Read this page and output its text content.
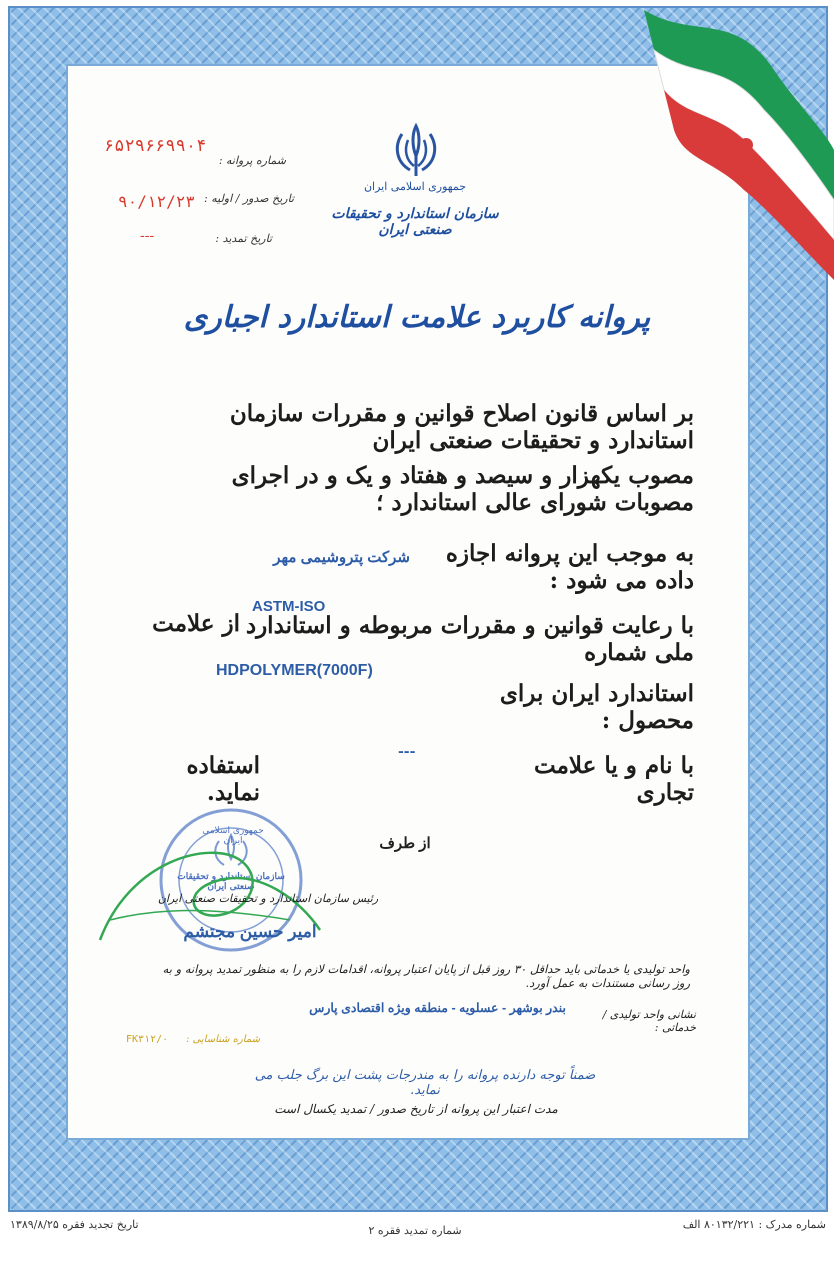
جمهوری اسلامی ایران
سازمان استاندارد و تحقیقات صنعتی ایران
۶۵۲۹۶۶۹۹۰۴
شماره پروانه :
۹۰/۱۲/۲۳ تاریخ صدور / اولیه :
---	تاریخ تمدید :
پروانه کاربرد علامت استاندارد اجباری
بر اساس قانون اصلاح قوانین و مقررات سازمان استاندارد و تحقیقات صنعتی ایران
مصوب یکهزار و سیصد و هفتاد و یک و در اجرای مصوبات شورای عالی استاندارد ؛
به موجب این پروانه اجازه داده می شود :
شرکت پتروشیمی مهر
ASTM-ISO
با رعایت قوانین و مقررات مربوطه و استاندارد ملی شماره
از علامت
HDPOLYMER(7000F)
استاندارد ایران برای محصول :
با نام و یا علامت تجاری
---
استفاده نماید.
جمهوری اسلامی ایران
سازمان استاندارد و تحقیقات صنعتی ایران
از طرف
رئیس سازمان استاندارد و تحقیقات صنعتی ایران
امیر حسین مجتشم
واحد تولیدی یا خدماتی باید حداقل ۳۰ روز قبل از پایان اعتبار پروانه، اقدامات لازم را به منظور تمدید پروانه و به روز رسانی مستندات به عمل آورد.
نشانی واحد تولیدی / خدماتی :
بندر بوشهر - عسلویه - منطقه ویژه اقتصادی پارس
شماره شناسایی :
FK۳۱۲/۰
ضمناً توجه دارنده پروانه را به مندرجات پشت این برگ جلب می نماید.
مدت اعتبار این پروانه از تاریخ صدور / تمدید یکسال است
شماره مدرک : ۸۰۱۳۲/۲۲۱ الف
شماره تمدید فقره ۲
تاریخ تجدید فقره ۱۳۸۹/۸/۲۵
